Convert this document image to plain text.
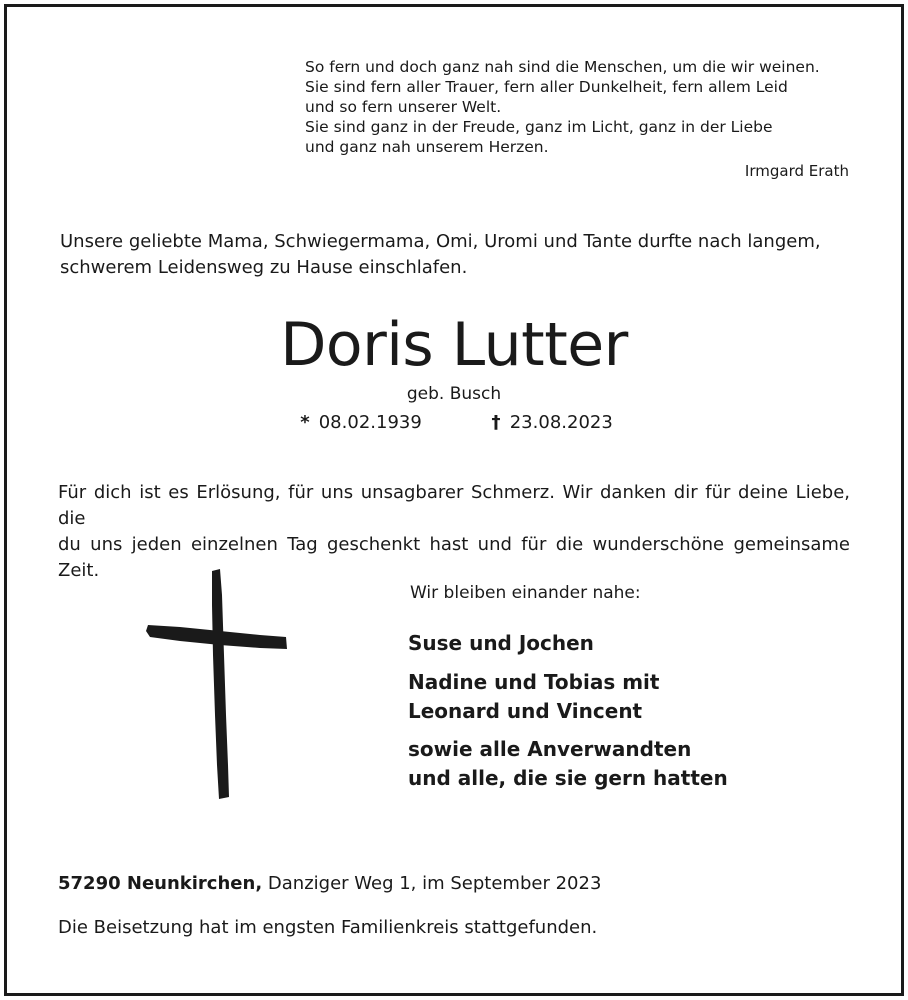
So fern und doch ganz nah sind die Menschen, um die wir weinen.
Sie sind fern aller Trauer, fern aller Dunkelheit, fern allem Leid
und so fern unserer Welt.
Sie sind ganz in der Freude, ganz im Licht, ganz in der Liebe
und ganz nah unserem Herzen.

Irmgard Erath
Unsere geliebte Mama, Schwiegermama, Omi, Uromi und Tante durfte nach langem,
schwerem Leidensweg zu Hause einschlafen.
Doris Lutter
geb. Busch
* 08.02.1939	† 23.08.2023
Für dich ist es Erlösung, für uns unsagbarer Schmerz. Wir danken dir für deine Liebe, die
du uns jeden einzelnen Tag geschenkt hast und für die wunderschöne gemeinsame Zeit.
Wir bleiben einander nahe:
Suse und Jochen
Nadine und Tobias mit
Leonard und Vincent
sowie alle Anverwandten
und alle, die sie gern hatten
57290 Neunkirchen, Danziger Weg 1, im September 2023
Die Beisetzung hat im engsten Familienkreis stattgefunden.
